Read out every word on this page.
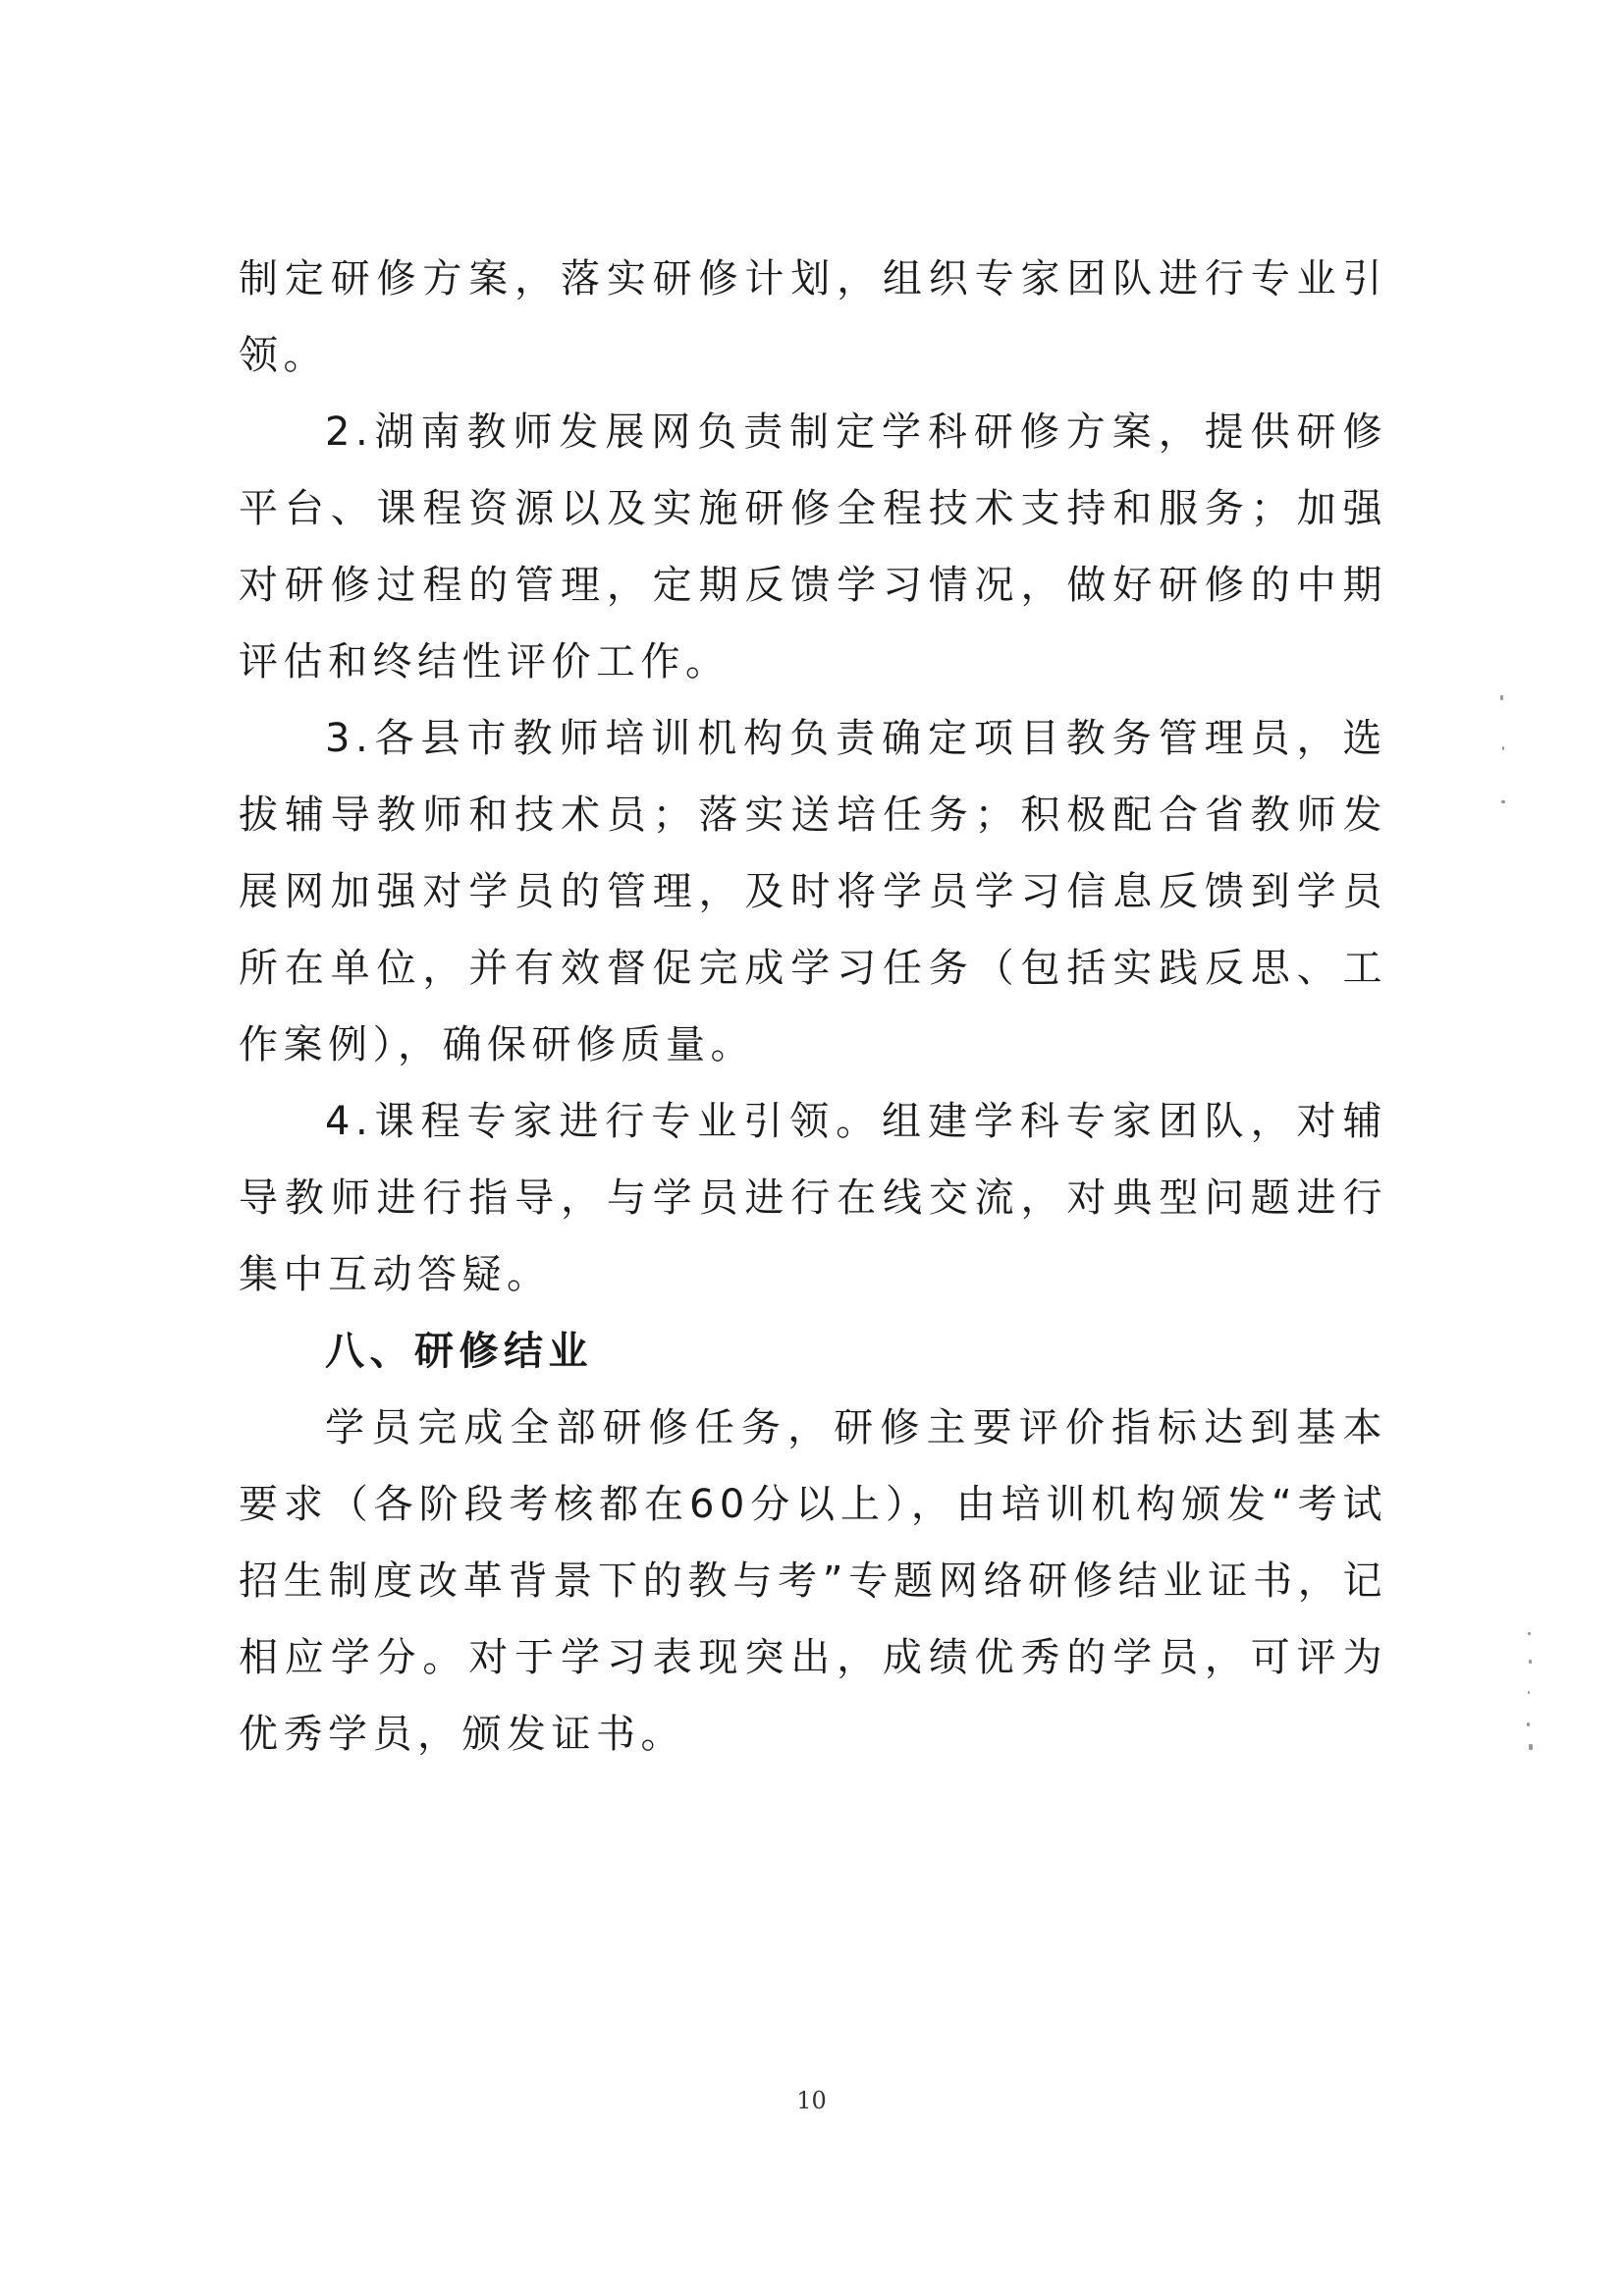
制定研修方案，落实研修计划，组织专家团队进行专业引领。

2.湖南教师发展网负责制定学科研修方案，提供研修平台、课程资源以及实施研修全程技术支持和服务；加强对研修过程的管理，定期反馈学习情况，做好研修的中期评估和终结性评价工作。

3.各县市教师培训机构负责确定项目教务管理员，选拔辅导教师和技术员；落实送培任务；积极配合省教师发展网加强对学员的管理，及时将学员学习信息反馈到学员所在单位，并有效督促完成学习任务（包括实践反思、工作案例），确保研修质量。

4.课程专家进行专业引领。组建学科专家团队，对辅导教师进行指导，与学员进行在线交流，对典型问题进行集中互动答疑。

八、研修结业

学员完成全部研修任务，研修主要评价指标达到基本要求（各阶段考核都在60分以上），由培训机构颁发“考试招生制度改革背景下的教与考”专题网络研修结业证书，记相应学分。对于学习表现突出，成绩优秀的学员，可评为优秀学员，颁发证书。

10
